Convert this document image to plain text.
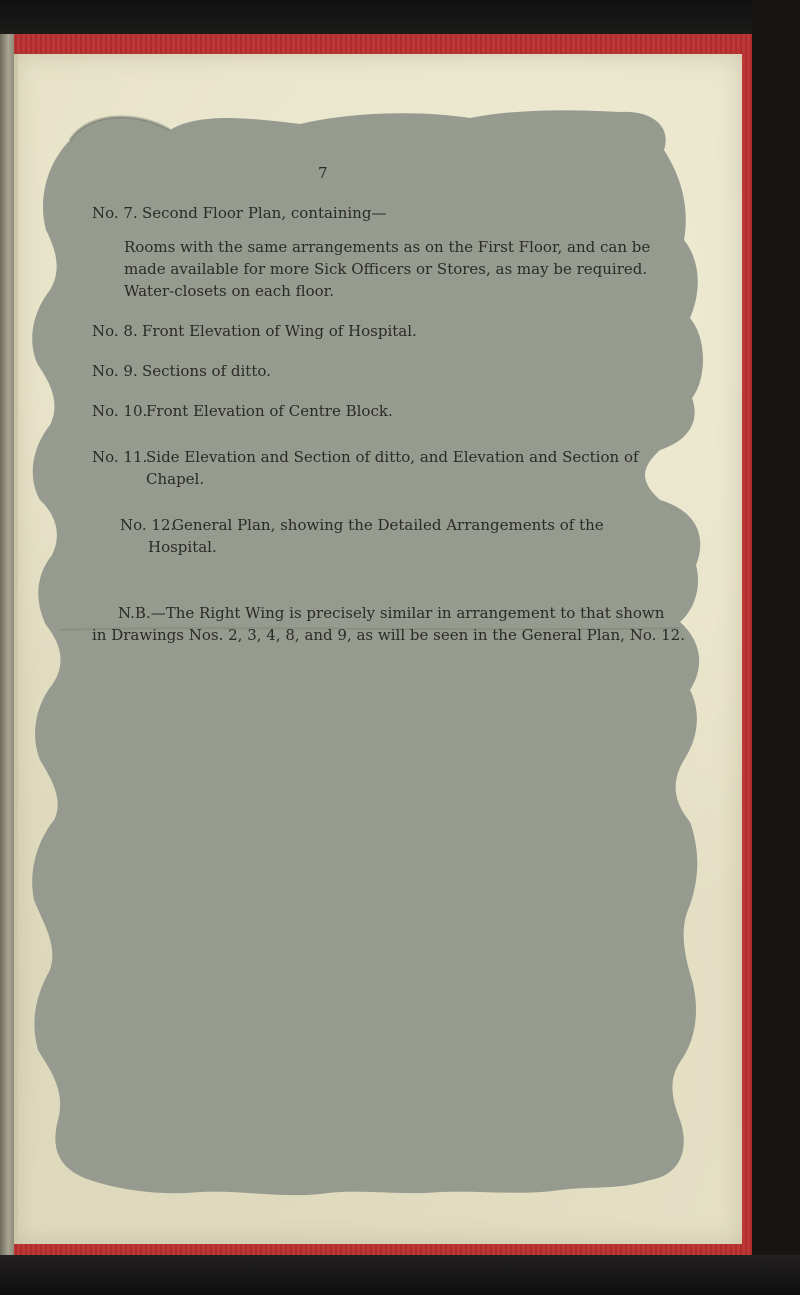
7
No. 7. Second Floor Plan, containing—
Rooms with the same arrangements as on the First Floor, and can be
made available for more Sick Officers or Stores, as may be required.
Water-closets on each floor.
No. 8. Front Elevation of Wing of Hospital.
No. 9. Sections of ditto.
No. 10.
Front Elevation of Centre Block.
No. 11.
Side Elevation and Section of ditto, and Elevation and Section of
Chapel.
No. 12.
General Plan, showing the Detailed Arrangements of the
Hospital.
N.B.—The Right Wing is precisely similar in arrangement to that shown
in Drawings Nos. 2, 3, 4, 8, and 9, as will be seen in the General Plan, No. 12.
